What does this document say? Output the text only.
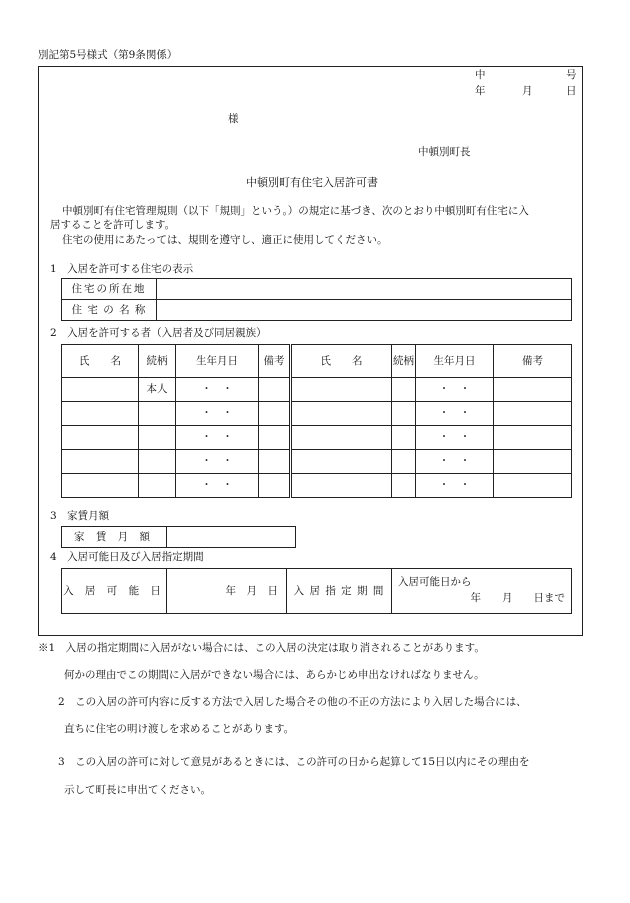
別記第5号様式（第9条関係）
中	号
年	月	日
様
中頓別町長
中頓別町有住宅入居許可書
中頓別町有住宅管理規則（以下「規則」という。）の規定に基づき、次のとおり中頓別町有住宅に入
居することを許可します。
住宅の使用にあたっては、規則を遵守し、適正に使用してください。
1　入居を許可する住宅の表示
住宅の所在地	
住 宅 の 名 称	
2　入居を許可する者（入居者及び同居親族）
氏　　名	続柄	生年月日	備考	氏　　名	続柄	生年月日	備考
	本人	・　・				・　・	
		・　・				・　・	
		・　・				・　・	
		・　・				・　・	
		・　・				・　・	
3　家賃月額
家 賃 月 額	
4　入居可能日及び入居指定期間
入 居 可 能 日	年　月　日	入 居 指 定 期 間	
入居可能日から
年　　月　　日まで
※1　入居の指定期間に入居がない場合には、この入居の決定は取り消されることがあります。
何かの理由でこの期間に入居ができない場合には、あらかじめ申出なければなりません。
2　この入居の許可内容に反する方法で入居した場合その他の不正の方法により入居した場合には、
直ちに住宅の明け渡しを求めることがあります。
3　この入居の許可に対して意見があるときには、この許可の日から起算して15日以内にその理由を
示して町長に申出てください。
